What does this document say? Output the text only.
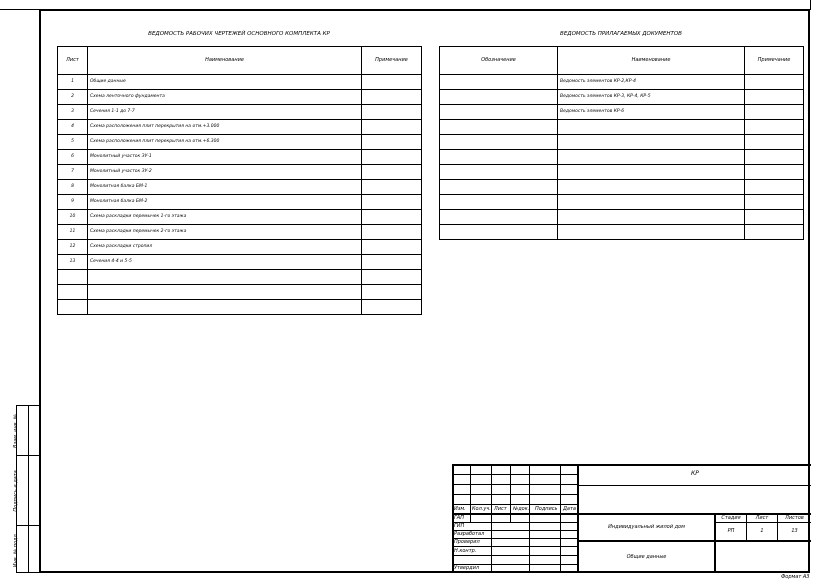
ВЕДОМОСТЬ РАБОЧИХ ЧЕРТЕЖЕЙ ОСНОВНОГО КОМПЛЕКТА КР
Лист	Наименование	Примечание
1	Общие данные	
2	Схема ленточного фундамента	
3	Сечения 1-1 до 7-7	
4	Схема расположения плит перекрытия на отм.+3.000	
5	Схема расположения плит перекрытия на отм.+6.300	
6	Монолитный участок ЗУ-1	
7	Монолитный участок ЗУ-2	
8	Монолитная балка БМ-1	
9	Монолитная балка БМ-2	
10	Схема раскладки перемычек 1-го этажа	
11	Схема раскладки перемычек 2-го этажа	
12	Схема раскладки стропил	
13	Сечения 4-4 и 5-5	

ВЕДОМОСТЬ ПРИЛАГАЕМЫХ ДОКУМЕНТОВ
Обозначение	Наименование	Примечание
	Ведомость элементов КР-2,КР-4	
	Ведомость элементов КР-3, КР-4, КР-5	
	Ведомость элементов КР-6	

Взам. инв. №
Подпись и дата
Инв. № подл.
КР
Изм. Кол.уч. Лист №док. Подпись Дата
ГАП
ГИП
Разработал
Проверил
Н.контр.
Утвердил
Индивидуальный жилой дом
Общие данные
Стадия	Лист	Листов
РП	1	13
Формат А3
